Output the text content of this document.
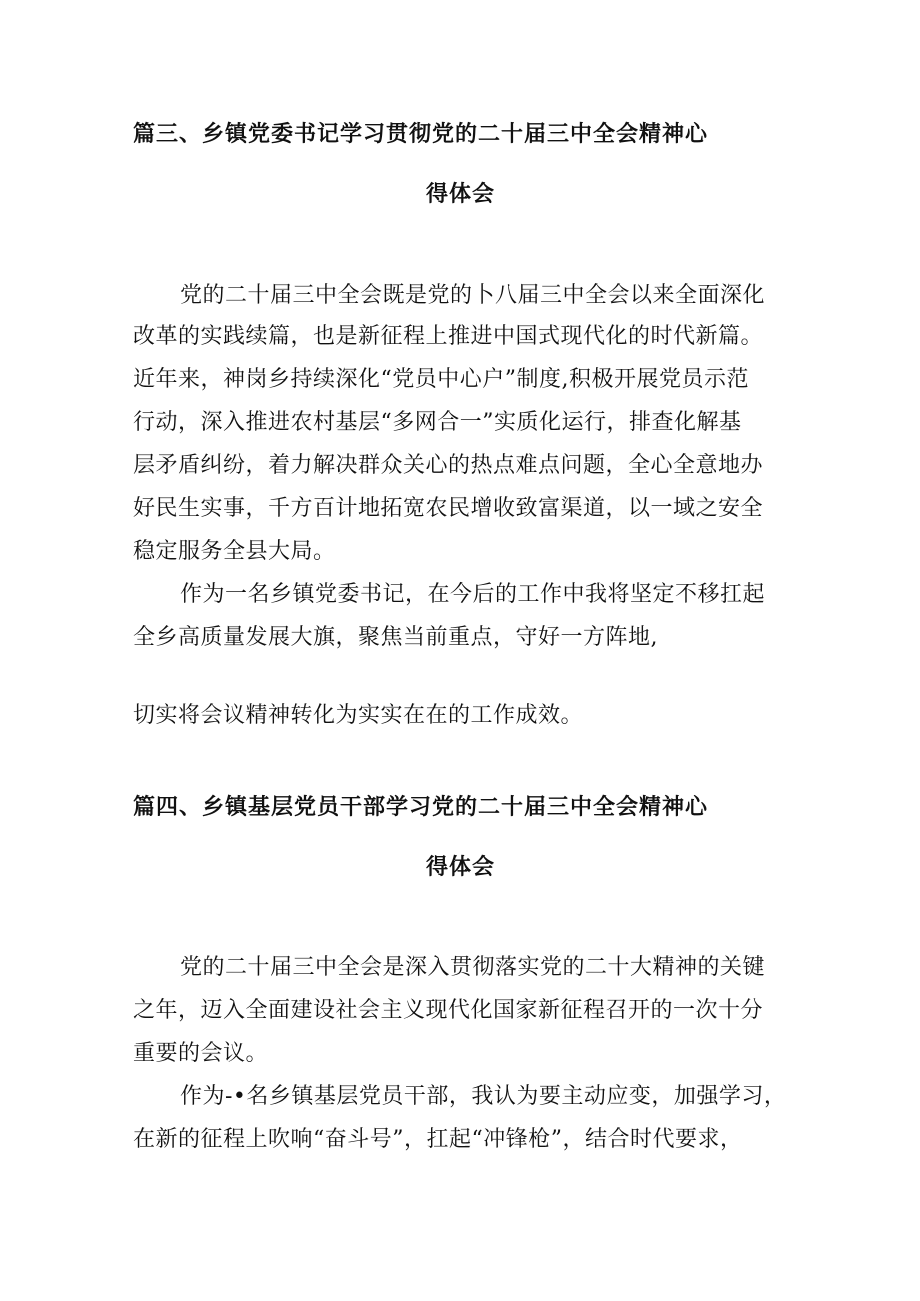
篇三、乡镇党委书记学习贯彻党的二十届三中全会精神心
得体会

党的二十届三中全会既是党的卜八届三中全会以来全面深化

改革的实践续篇，也是新征程上推进中国式现代化的时代新篇。

近年来，神岗乡持续深化“党员中心户”制度,积极开展党员示范

行动，深入推进农村基层“多网合一”实质化运行，排查化解基

层矛盾纠纷，着力解决群众关心的热点难点问题，全心全意地办

好民生实事，千方百计地拓宽农民增收致富渠道，以一域之安全

稳定服务全县大局。

作为一名乡镇党委书记，在今后的工作中我将坚定不移扛起

全乡高质量发展大旗，聚焦当前重点，守好一方阵地,

切实将会议精神转化为实实在在的工作成效。

篇四、乡镇基层党员干部学习党的二十届三中全会精神心
得体会

党的二十届三中全会是深入贯彻落实党的二十大精神的关键

之年，迈入全面建设社会主义现代化国家新征程召开的一次十分

重要的会议。

作为-•名乡镇基层党员干部，我认为要主动应变，加强学习，

在新的征程上吹响“奋斗号”，扛起“冲锋枪”，结合时代要求，
